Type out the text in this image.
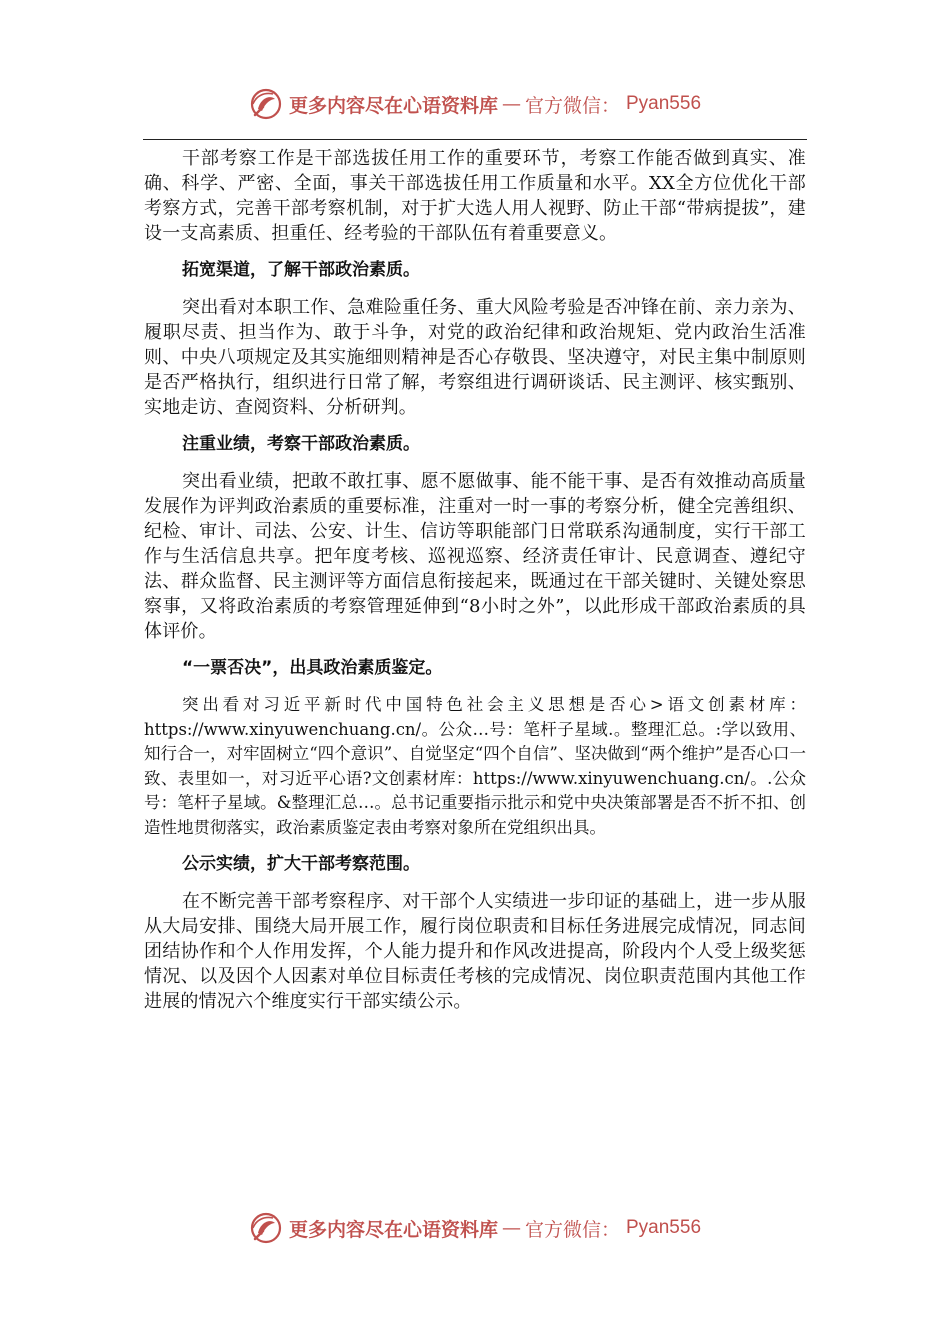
更多内容尽在心语资料库 — 官方微信： Pyan556

干部考察工作是干部选拔任用工作的重要环节，考察工作能否做到真实、准确、科学、严密、全面，事关干部选拔任用工作质量和水平。XX全方位优化干部考察方式，完善干部考察机制，对于扩大选人用人视野、防止干部“带病提拔”，建设一支高素质、担重任、经考验的干部队伍有着重要意义。

拓宽渠道，了解干部政治素质。

突出看对本职工作、急难险重任务、重大风险考验是否冲锋在前、亲力亲为、履职尽责、担当作为、敢于斗争，对党的政治纪律和政治规矩、党内政治生活准则、中央八项规定及其实施细则精神是否心存敬畏、坚决遵守，对民主集中制原则是否严格执行，组织进行日常了解，考察组进行调研谈话、民主测评、核实甄别、实地走访、查阅资料、分析研判。

注重业绩，考察干部政治素质。

突出看业绩，把敢不敢扛事、愿不愿做事、能不能干事、是否有效推动高质量发展作为评判政治素质的重要标准，注重对一时一事的考察分析，健全完善组织、纪检、审计、司法、公安、计生、信访等职能部门日常联系沟通制度，实行干部工作与生活信息共享。把年度考核、巡视巡察、经济责任审计、民意调查、遵纪守法、群众监督、民主测评等方面信息衔接起来，既通过在干部关键时、关键处察思察事，又将政治素质的考察管理延伸到“8小时之外”，以此形成干部政治素质的具体评价。

“一票否决”，出具政治素质鉴定。

突出看对习近平新时代中国特色社会主义思想是否心>语文创素材库：https://www.xinyuwenchuang.cn/。公众…号：笔杆子星域.。整理汇总。:学以致用、知行合一，对牢固树立“四个意识”、自觉坚定“四个自信”、坚决做到“两个维护”是否心口一致、表里如一，对习近平心语?文创素材库：https://www.xinyuwenchuang.cn/。.公众号：笔杆子星域。&整理汇总…。总书记重要指示批示和党中央决策部署是否不折不扣、创造性地贯彻落实，政治素质鉴定表由考察对象所在党组织出具。

公示实绩，扩大干部考察范围。

在不断完善干部考察程序、对干部个人实绩进一步印证的基础上，进一步从服从大局安排、围绕大局开展工作，履行岗位职责和目标任务进展完成情况，同志间团结协作和个人作用发挥，个人能力提升和作风改进提高，阶段内个人受上级奖惩情况、以及因个人因素对单位目标责任考核的完成情况、岗位职责范围内其他工作进展的情况六个维度实行干部实绩公示。

更多内容尽在心语资料库 — 官方微信： Pyan556
